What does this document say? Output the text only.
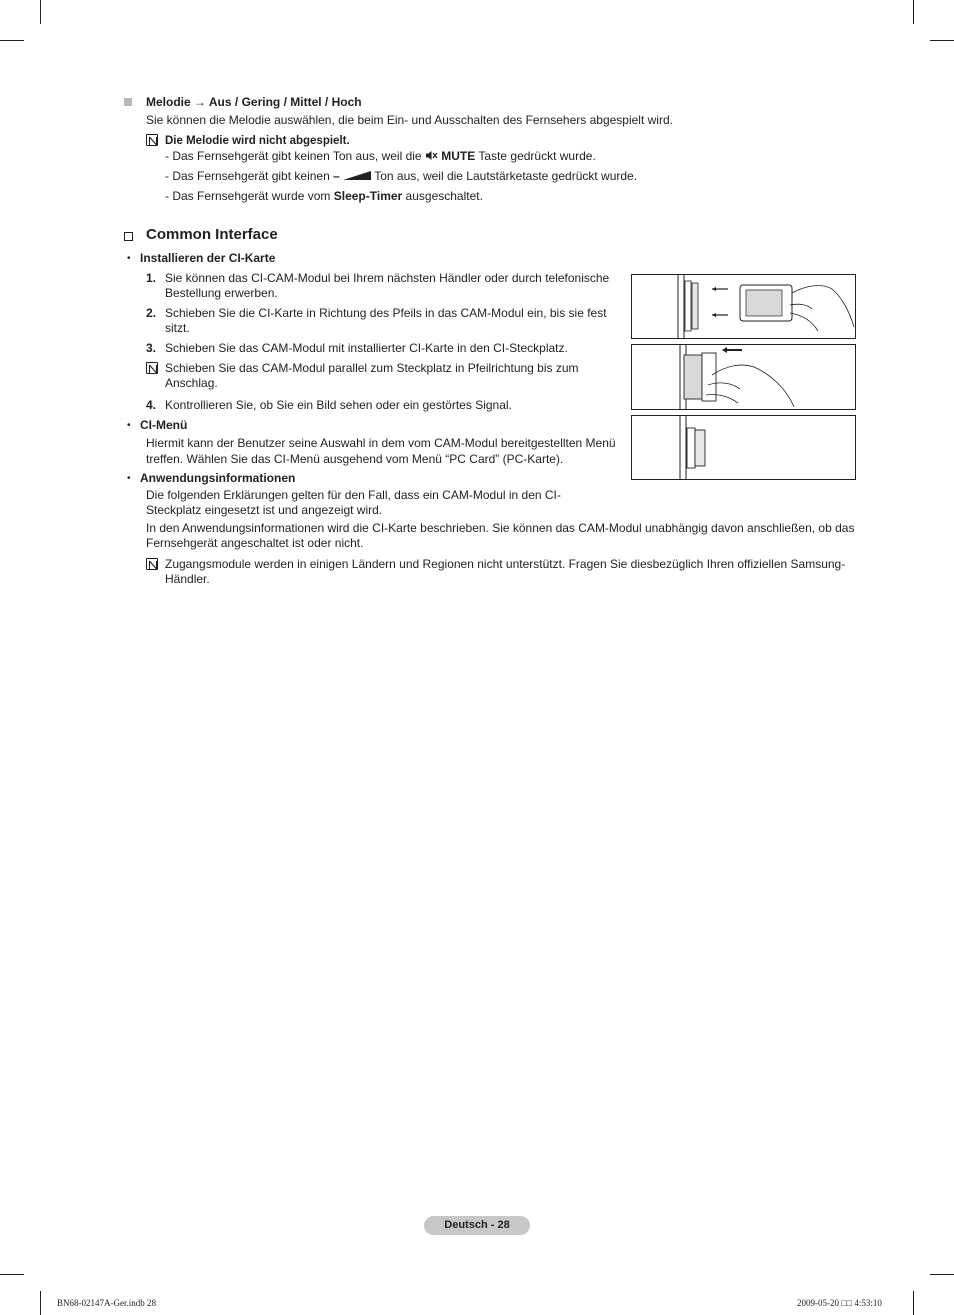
Melodie → Aus / Gering / Mittel / Hoch
Sie können die Melodie auswählen, die beim Ein- und Ausschalten des Fernsehers abgespielt wird.
Die Melodie wird nicht abgespielt.
- Das Fernsehgerät gibt keinen Ton aus, weil die  MUTE Taste gedrückt wurde.
- Das Fernsehgerät gibt keinen –	Ton aus, weil die Lautstärketaste gedrückt wurde.
- Das Fernsehgerät wurde vom Sleep-Timer ausgeschaltet.
Common Interface
• Installieren der CI-Karte
1. Sie können das CI-CAM-Modul bei Ihrem nächsten Händler oder durch telefonische Bestellung erwerben.
2. Schieben Sie die CI-Karte in Richtung des Pfeils in das CAM-Modul ein, bis sie fest sitzt.
3. Schieben Sie das CAM-Modul mit installierter CI-Karte in den CI-Steckplatz.
Schieben Sie das CAM-Modul parallel zum Steckplatz in Pfeilrichtung bis zum Anschlag.
4. Kontrollieren Sie, ob Sie ein Bild sehen oder ein gestörtes Signal.
• CI-Menü
Hiermit kann der Benutzer seine Auswahl in dem vom CAM-Modul bereitgestellten Menü treffen. Wählen Sie das CI-Menü ausgehend vom Menü “PC Card” (PC-Karte).
• Anwendungsinformationen
Die folgenden Erklärungen gelten für den Fall, dass ein CAM-Modul in den CI-Steckplatz eingesetzt ist und angezeigt wird.
In den Anwendungsinformationen wird die CI-Karte beschrieben. Sie können das CAM-Modul unabhängig davon anschließen, ob das Fernsehgerät angeschaltet ist oder nicht.
Zugangsmodule werden in einigen Ländern und Regionen nicht unterstützt. Fragen Sie diesbezüglich Ihren offiziellen Samsung-Händler.
Deutsch - 28
BN68-02147A-Ger.indb 28	2009-05-20 □□ 4:53:10
